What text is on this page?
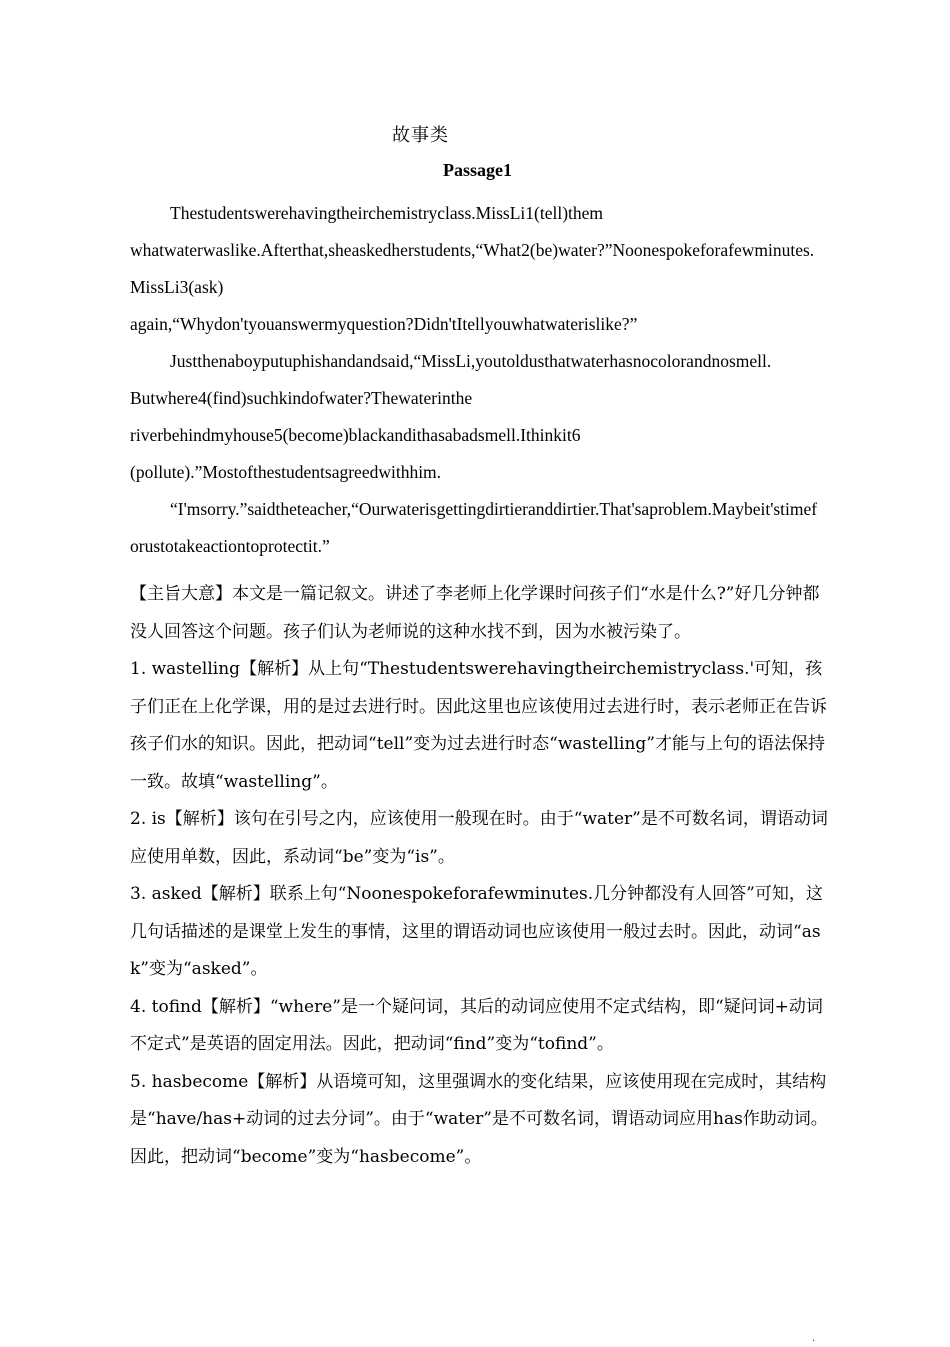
故事类
Passage1

Thestudentswerehavingtheirchemistryclass.MissLi1(tell)them

whatwaterwaslike.Afterthat,sheaskedherstudents,“What2(be)water?”Noonespokeforafewminutes.MissLi3(ask)

again,“Whydon'tyouanswermyquestion?Didn'tItellyouwhatwaterislike?”

Justthenaboyputuphishandandsaid,“MissLi,youtoldusthatwaterhasnocolorandnosmell.

Butwhere4(find)suchkindofwater?Thewaterinthe

riverbehindmyhouse5(become)blackandithasabadsmell.Ithinkit6

(pollute).”Mostofthestudentsagreedwithhim.

“I'msorry.”saidtheteacher,“Ourwaterisgettingdirtieranddirtier.That'saproblem.Maybeit'stimeforustotakeactiontoprotectit.”

【主旨大意】本文是一篇记叙文。讲述了李老师上化学课时问孩子们“水是什么?”好几分钟都没人回答这个问题。孩子们认为老师说的这种水找不到，因为水被污染了。

1. wastelling【解析】从上句“Thestudentswerehavingtheirchemistryclass.'可知，孩子们正在上化学课，用的是过去进行时。因此这里也应该使用过去进行时，表示老师正在告诉孩子们水的知识。因此，把动词“tell”变为过去进行时态“wastelling”才能与上句的语法保持一致。故填“wastelling”。

2. is【解析】该句在引号之内，应该使用一般现在时。由于“water”是不可数名词，谓语动词应使用单数，因此，系动词“be”变为“is”。

3. asked【解析】联系上句“Noonespokeforafewminutes.几分钟都没有人回答”可知，这几句话描述的是课堂上发生的事情，这里的谓语动词也应该使用一般过去时。因此，动词“ask”变为“asked”。

4. tofind【解析】“where”是一个疑问词，其后的动词应使用不定式结构，即“疑问词+动词不定式”是英语的固定用法。因此，把动词“find”变为“tofind”。

5. hasbecome【解析】从语境可知，这里强调水的变化结果，应该使用现在完成时，其结构是“have/has+动词的过去分词”。由于“water”是不可数名词，谓语动词应用has作助动词。因此，把动词“become”变为“hasbecome”。

·
